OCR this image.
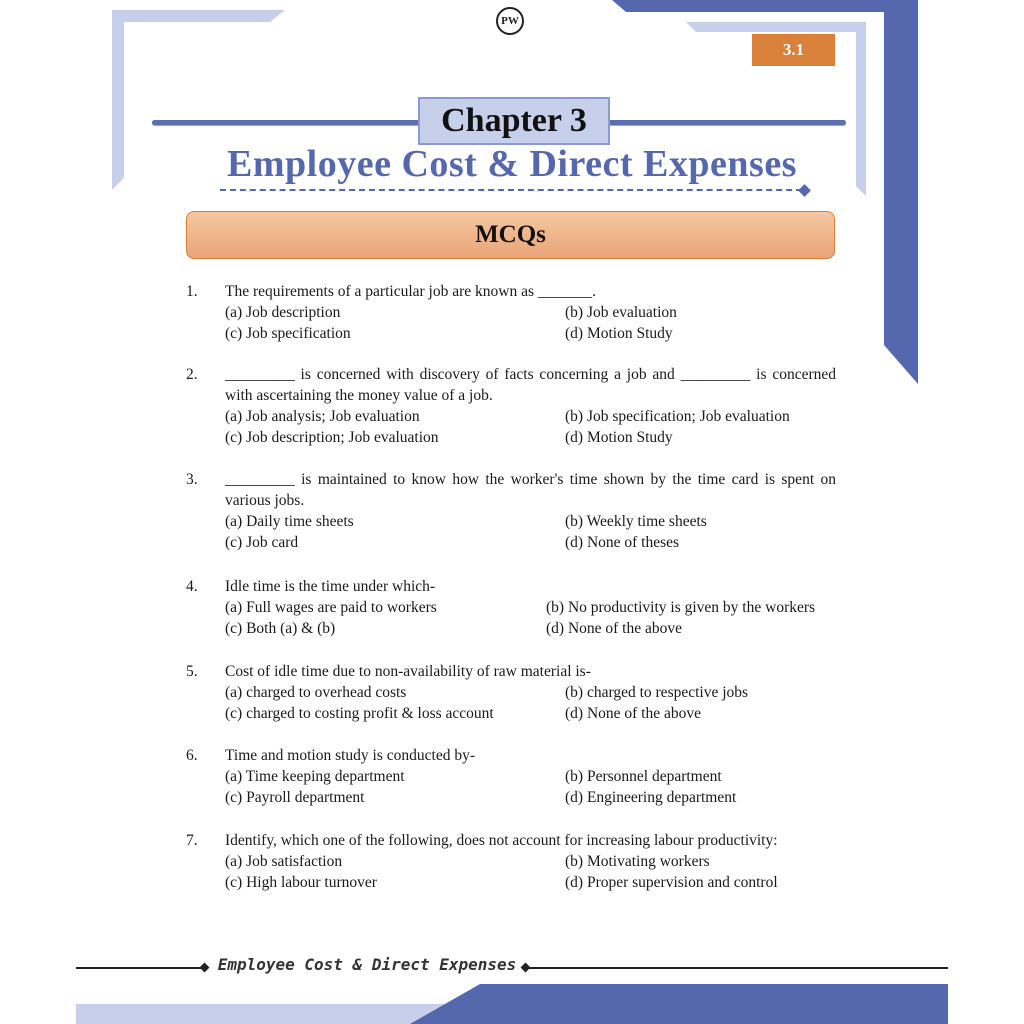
PW
3.1
Chapter 3
Employee Cost & Direct Expenses
MCQs
1. The requirements of a particular job are known as _______.
(a) Job description	(b) Job evaluation
(c) Job specification	(d) Motion Study
2. _________ is concerned with discovery of facts concerning a job and _________ is concerned with ascertaining the money value of a job.
(a) Job analysis; Job evaluation	(b) Job specification; Job evaluation
(c) Job description; Job evaluation	(d) Motion Study
3. _________ is maintained to know how the worker's time shown by the time card is spent on various jobs.
(a) Daily time sheets	(b) Weekly time sheets
(c) Job card	(d) None of theses
4. Idle time is the time under which-
(a) Full wages are paid to workers	(b) No productivity is given by the workers
(c) Both (a) & (b)	(d) None of the above
5. Cost of idle time due to non-availability of raw material is-
(a) charged to overhead costs	(b) charged to respective jobs
(c) charged to costing profit & loss account	(d) None of the above
6. Time and motion study is conducted by-
(a) Time keeping department	(b) Personnel department
(c) Payroll department	(d) Engineering department
7. Identify, which one of the following, does not account for increasing labour productivity:
(a) Job satisfaction	(b) Motivating workers
(c) High labour turnover	(d) Proper supervision and control
Employee Cost & Direct Expenses
